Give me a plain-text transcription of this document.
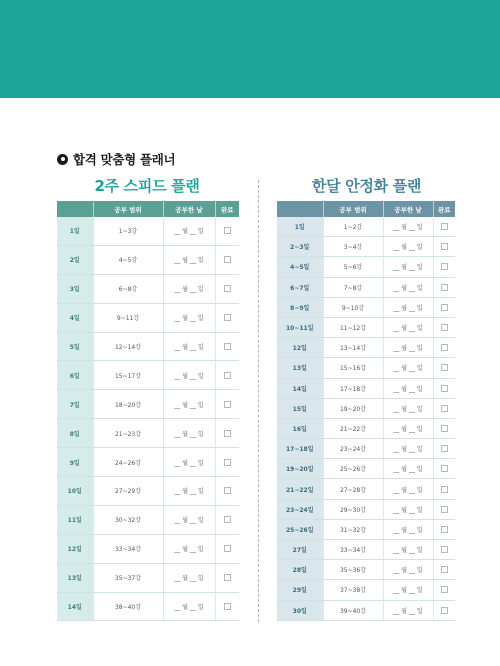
합격 맞춤형 플래너
2주 스피드 플랜	한달 안정화 플랜
	공부 범위	공부한 날	완료
1일	1~3강	__ 월 __ 일	
2일	4~5강	__ 월 __ 일	
3일	6~8강	__ 월 __ 일	
4일	9~11강	__ 월 __ 일	
5일	12~14강	__ 월 __ 일	
6일	15~17강	__ 월 __ 일	
7일	18~20강	__ 월 __ 일	
8일	21~23강	__ 월 __ 일	
9일	24~26강	__ 월 __ 일	
10일	27~29강	__ 월 __ 일	
11일	30~32강	__ 월 __ 일	
12일	33~34강	__ 월 __ 일	
13일	35~37강	__ 월 __ 일	
14일	38~40강	__ 월 __ 일	
	공부 범위	공부한 날	완료
1일	1~2강	__ 월 __ 일	
2~3일	3~4강	__ 월 __ 일	
4~5일	5~6강	__ 월 __ 일	
6~7일	7~8강	__ 월 __ 일	
8~9일	9~10강	__ 월 __ 일	
10~11일	11~12강	__ 월 __ 일	
12일	13~14강	__ 월 __ 일	
13일	15~16강	__ 월 __ 일	
14일	17~18강	__ 월 __ 일	
15일	19~20강	__ 월 __ 일	
16일	21~22강	__ 월 __ 일	
17~18일	23~24강	__ 월 __ 일	
19~20일	25~26강	__ 월 __ 일	
21~22일	27~28강	__ 월 __ 일	
23~24일	29~30강	__ 월 __ 일	
25~26일	31~32강	__ 월 __ 일	
27일	33~34강	__ 월 __ 일	
28일	35~36강	__ 월 __ 일	
29일	37~38강	__ 월 __ 일	
30일	39~40강	__ 월 __ 일	
